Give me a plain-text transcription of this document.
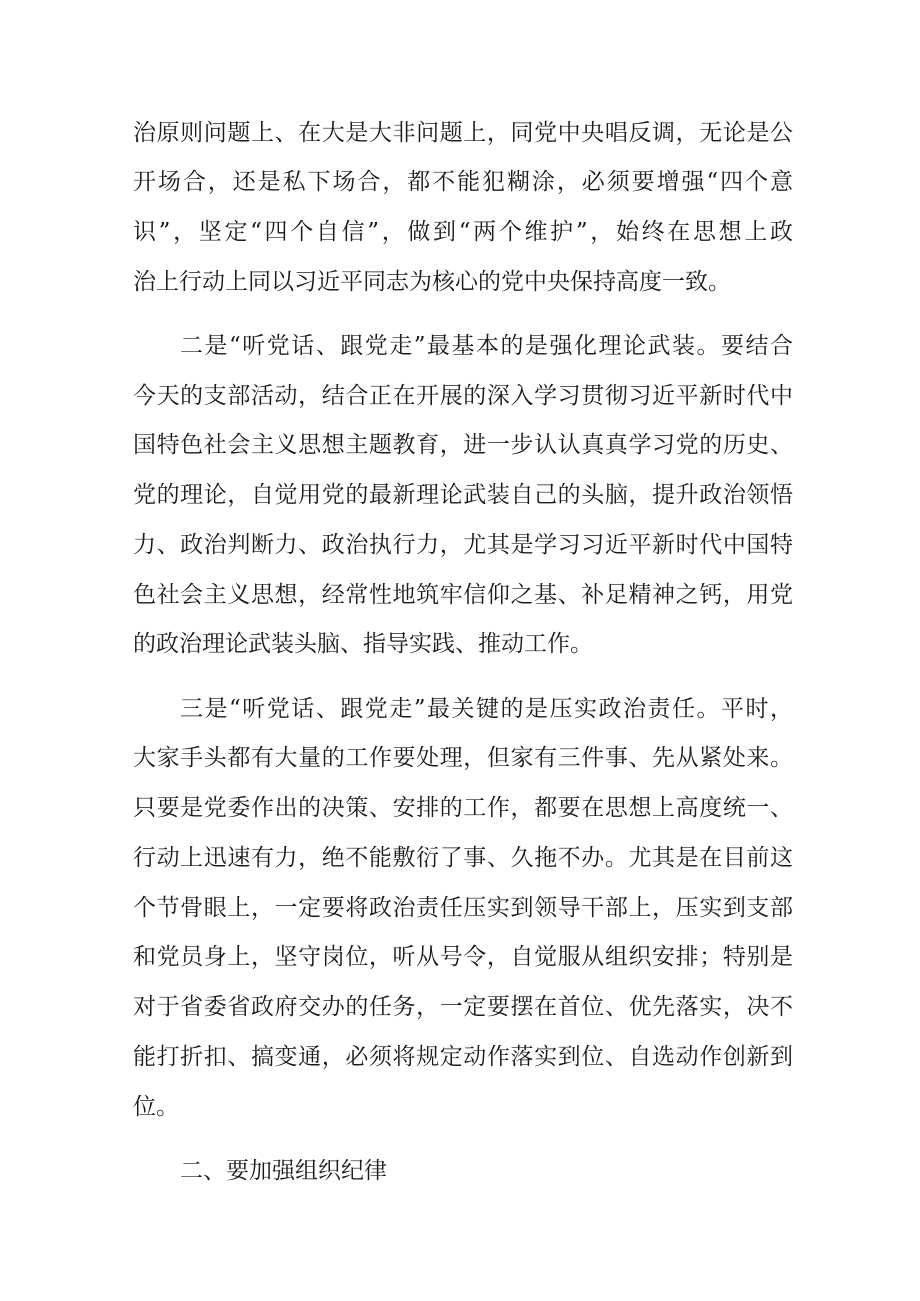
治原则问题上、在大是大非问题上，同党中央唱反调，无论是公
开场合，还是私下场合，都不能犯糊涂，必须要增强“四个意
识”，坚定“四个自信”，做到“两个维护”，始终在思想上政
治上行动上同以习近平同志为核心的党中央保持高度一致。
二是“听党话、跟党走”最基本的是强化理论武装。要结合
今天的支部活动，结合正在开展的深入学习贯彻习近平新时代中
国特色社会主义思想主题教育，进一步认认真真学习党的历史、
党的理论，自觉用党的最新理论武装自己的头脑，提升政治领悟
力、政治判断力、政治执行力，尤其是学习习近平新时代中国特
色社会主义思想，经常性地筑牢信仰之基、补足精神之钙，用党
的政治理论武装头脑、指导实践、推动工作。
三是“听党话、跟党走”最关键的是压实政治责任。平时，
大家手头都有大量的工作要处理，但家有三件事、先从紧处来。
只要是党委作出的决策、安排的工作，都要在思想上高度统一、
行动上迅速有力，绝不能敷衍了事、久拖不办。尤其是在目前这
个节骨眼上，一定要将政治责任压实到领导干部上，压实到支部
和党员身上，坚守岗位，听从号令，自觉服从组织安排；特别是
对于省委省政府交办的任务，一定要摆在首位、优先落实，决不
能打折扣、搞变通，必须将规定动作落实到位、自选动作创新到
位。
二、要加强组织纪律
